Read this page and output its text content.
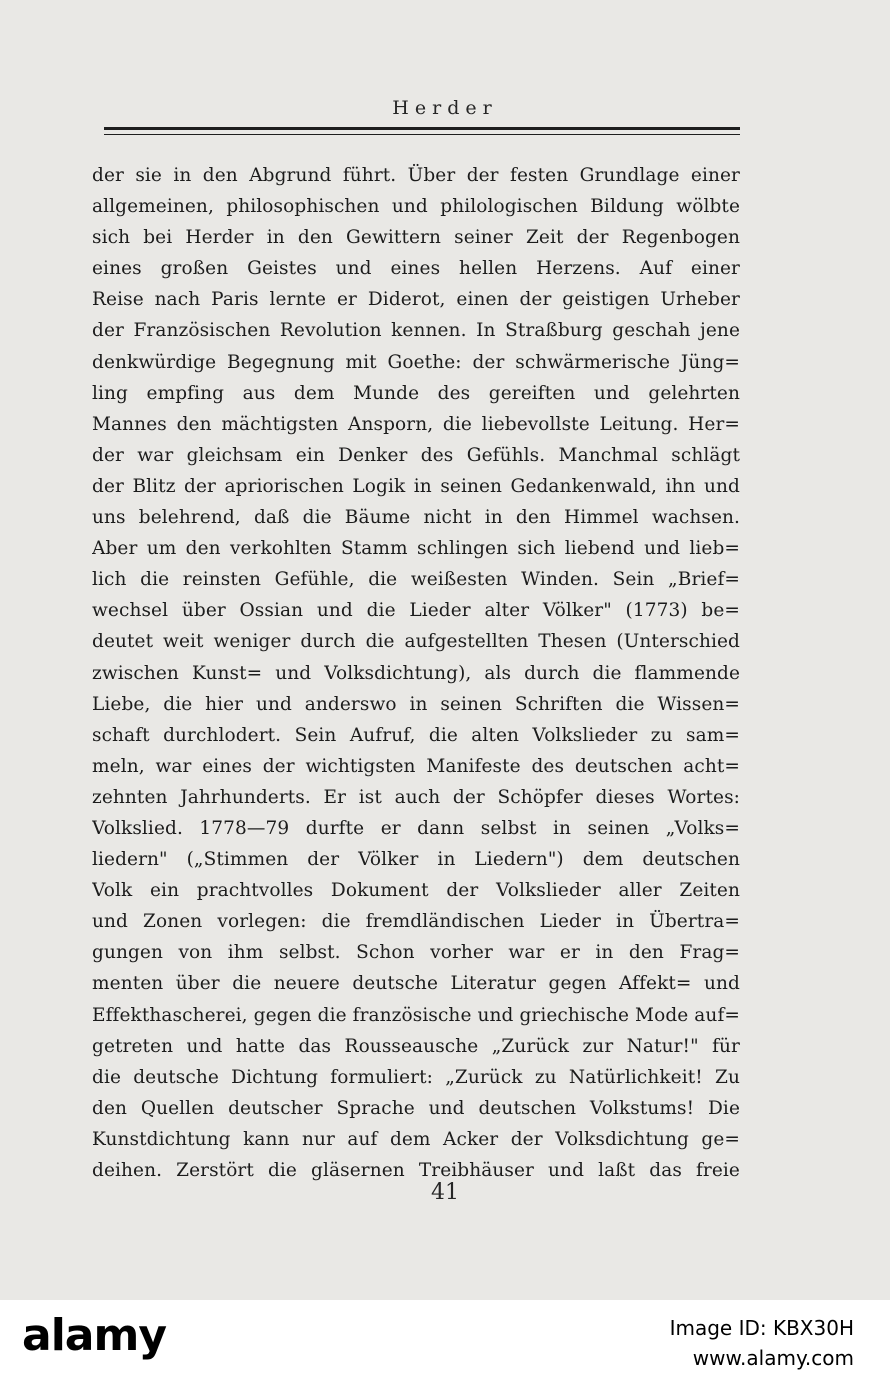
Herder
der sie in den Abgrund führt. Über der festen Grundlage einer
allgemeinen, philosophischen und philologischen Bildung wölbte
sich bei Herder in den Gewittern seiner Zeit der Regenbogen
eines großen Geistes und eines hellen Herzens. Auf einer
Reise nach Paris lernte er Diderot, einen der geistigen Urheber
der Französischen Revolution kennen. In Straßburg geschah jene
denkwürdige Begegnung mit Goethe: der schwärmerische Jüng=
ling empfing aus dem Munde des gereiften und gelehrten
Mannes den mächtigsten Ansporn, die liebevollste Leitung. Her=
der war gleichsam ein Denker des Gefühls. Manchmal schlägt
der Blitz der apriorischen Logik in seinen Gedankenwald, ihn und
uns belehrend, daß die Bäume nicht in den Himmel wachsen.
Aber um den verkohlten Stamm schlingen sich liebend und lieb=
lich die reinsten Gefühle, die weißesten Winden. Sein „Brief=
wechsel über Ossian und die Lieder alter Völker" (1773) be=
deutet weit weniger durch die aufgestellten Thesen (Unterschied
zwischen Kunst= und Volksdichtung), als durch die flammende
Liebe, die hier und anderswo in seinen Schriften die Wissen=
schaft durchlodert. Sein Aufruf, die alten Volkslieder zu sam=
meln, war eines der wichtigsten Manifeste des deutschen acht=
zehnten Jahrhunderts. Er ist auch der Schöpfer dieses Wortes:
Volkslied. 1778—79 durfte er dann selbst in seinen „Volks=
liedern" („Stimmen der Völker in Liedern") dem deutschen
Volk ein prachtvolles Dokument der Volkslieder aller Zeiten
und Zonen vorlegen: die fremdländischen Lieder in Übertra=
gungen von ihm selbst. Schon vorher war er in den Frag=
menten über die neuere deutsche Literatur gegen Affekt= und
Effekthascherei, gegen die französische und griechische Mode auf=
getreten und hatte das Rousseausche „Zurück zur Natur!" für
die deutsche Dichtung formuliert: „Zurück zu Natürlichkeit! Zu
den Quellen deutscher Sprache und deutschen Volkstums! Die
Kunstdichtung kann nur auf dem Acker der Volksdichtung ge=
deihen. Zerstört die gläsernen Treibhäuser und laßt das freie
41
alamy	Image ID: KBX30H
www.alamy.com
